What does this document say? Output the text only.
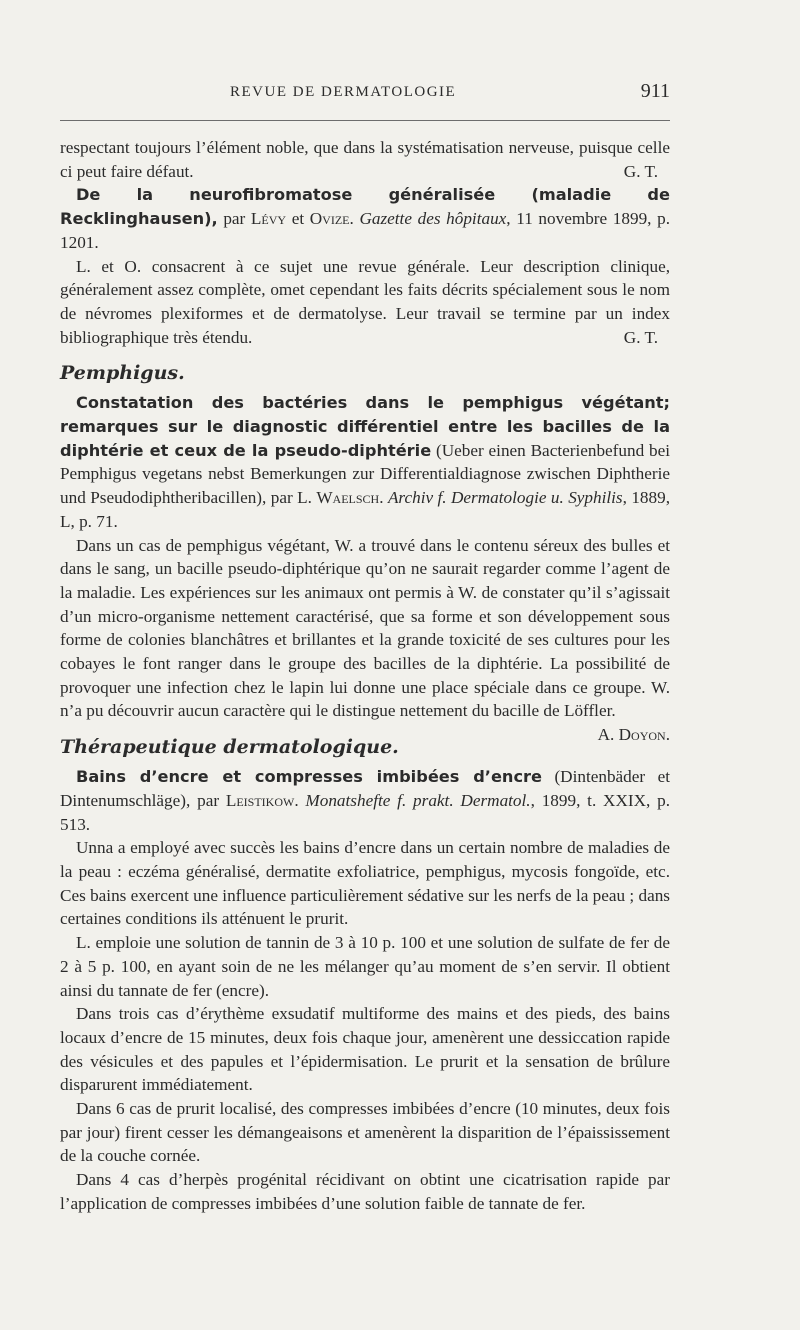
REVUE DE DERMATOLOGIE	911

respectant toujours l’élément noble, que dans la systématisation nerveuse, puisque celle ci peut faire défaut.	G. T.

De la neurofibromatose généralisée (maladie de Recklinghausen), par Lévy et Ovize. Gazette des hôpitaux, 11 novembre 1899, p. 1201.

L. et O. consacrent à ce sujet une revue générale. Leur description clinique, généralement assez complète, omet cependant les faits décrits spécialement sous le nom de névromes plexiformes et de dermatolyse. Leur travail se termine par un index bibliographique très étendu.	G. T.

Pemphigus.

Constatation des bactéries dans le pemphigus végétant; remarques sur le diagnostic différentiel entre les bacilles de la diphtérie et ceux de la pseudo-diphtérie (Ueber einen Bacterienbefund bei Pemphigus vegetans nebst Bemerkungen zur Differentialdiagnose zwischen Diphtherie und Pseudodiphtheribacillen), par L. Waelsch. Archiv f. Dermatologie u. Syphilis, 1889, L, p. 71.

Dans un cas de pemphigus végétant, W. a trouvé dans le contenu séreux des bulles et dans le sang, un bacille pseudo-diphtérique qu’on ne saurait regarder comme l’agent de la maladie. Les expériences sur les animaux ont permis à W. de constater qu’il s’agissait d’un micro-organisme nettement caractérisé, que sa forme et son développement sous forme de colonies blanchâtres et brillantes et la grande toxicité de ses cultures pour les cobayes le font ranger dans le groupe des bacilles de la diphtérie. La possibilité de provoquer une infection chez le lapin lui donne une place spéciale dans ce groupe. W. n’a pu découvrir aucun caractère qui le distingue nettement du bacille de Löffler.
A. Doyon.

Thérapeutique dermatologique.

Bains d’encre et compresses imbibées d’encre (Dintenbäder et Dintenumschläge), par Leistikow. Monatshefte f. prakt. Dermatol., 1899, t. XXIX, p. 513.

Unna a employé avec succès les bains d’encre dans un certain nombre de maladies de la peau : eczéma généralisé, dermatite exfoliatrice, pemphigus, mycosis fongoïde, etc. Ces bains exercent une influence particulièrement sédative sur les nerfs de la peau ; dans certaines conditions ils atténuent le prurit.

L. emploie une solution de tannin de 3 à 10 p. 100 et une solution de sulfate de fer de 2 à 5 p. 100, en ayant soin de ne les mélanger qu’au moment de s’en servir. Il obtient ainsi du tannate de fer (encre).

Dans trois cas d’érythème exsudatif multiforme des mains et des pieds, des bains locaux d’encre de 15 minutes, deux fois chaque jour, amenèrent une dessiccation rapide des vésicules et des papules et l’épidermisation. Le prurit et la sensation de brûlure disparurent immédiatement.

Dans 6 cas de prurit localisé, des compresses imbibées d’encre (10 minutes, deux fois par jour) firent cesser les démangeaisons et amenèrent la disparition de l’épaississement de la couche cornée.

Dans 4 cas d’herpès progénital récidivant on obtint une cicatrisation rapide par l’application de compresses imbibées d’une solution faible de tannate de fer.
